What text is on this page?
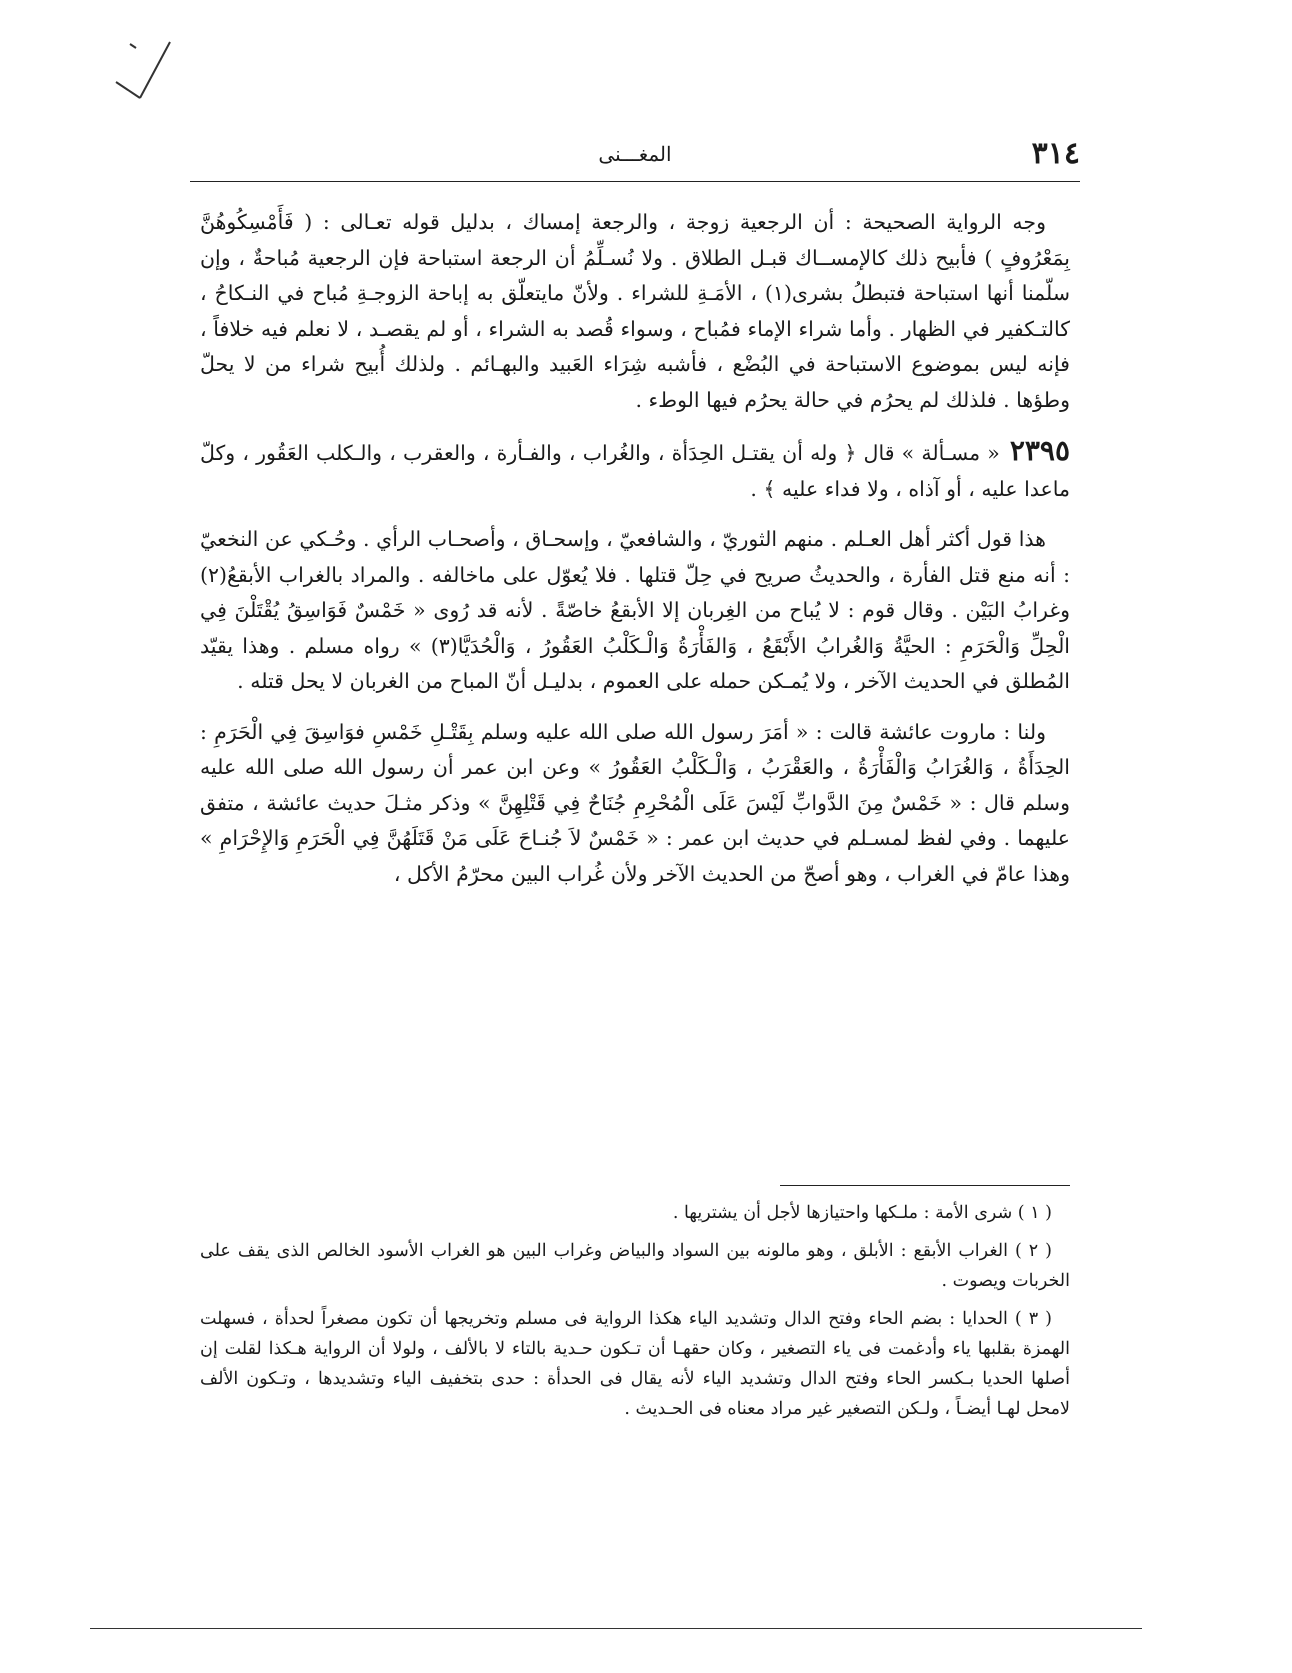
٣١٤
المغـــنى

وجه الرواية الصحيحة : أن الرجعية زوجة ، والرجعة إمساك ، بدليل قوله تعـالى : ( فَأَمْسِكُوهُنَّ بِمَعْرُوفٍ ) فأبيح ذلك كالإمســاك قبـل الطلاق . ولا نُسـلِّمُ أن الرجعة استباحة فإن الرجعية مُباحةٌ ، وإن سلّمنا أنها استباحة فتبطلُ بشرى(١) ، الأمَـةِ للشراء . ولأنّ مايتعلّق به إباحة الزوجـةِ مُباح في النـكاحُ ، كالتـكفير في الظهار . وأما شراء الإماء فمُباح ، وسواء قُصد به الشراء ، أو لم يقصـد ، لا نعلم فيه خلافاً ، فإنه ليس بموضوع الاستباحة في البُضْع ، فأشبه شِرَاء العَبيد والبهـائم . ولذلك أُبيح شراء من لا يحلّ وطؤها . فلذلك لم يحرُم في حالة يحرُم فيها الوطء .

٢٣٩٥« مسـألة » قال ﴿ وله أن يقتـل الحِدَأة ، والغُراب ، والفـأرة ، والعقرب ، والـكلب العَقُور ، وكلّ ماعدا عليه ، أو آذاه ، ولا فداء عليه ﴾ .

هذا قول أكثر أهل العـلم . منهم الثوريّ ، والشافعيّ ، وإسحـاق ، وأصحـاب الرأي . وحُـكي عن النخعيّ : أنه منع قتل الفأرة ، والحديثُ صريح في حِلّ قتلها . فلا يُعوّل على ماخالفه . والمراد بالغراب الأبقعُ(٢) وغرابُ البَيْن . وقال قوم : لا يُباح من الغِربان إلا الأبقعُ خاصّةً . لأنه قد رُوى « خَمْسٌ فَوَاسِقُ يُقْتَلْنَ فِي الْحِلِّ وَالْحَرَمِ : الحيَّةُ وَالغُرابُ الأَبْقَعُ ، وَالفَأْرَةُ وَالْـكَلْبُ العَقُورُ ، وَالْحُدَيَّا(٣) » رواه مسلم . وهذا يقيّد المُطلق في الحديث الآخر ، ولا يُمـكن حمله على العموم ، بدليـل أنّ المباح من الغربان لا يحل قتله .

ولنا : ماروت عائشة قالت : « أمَرَ رسول الله صلى الله عليه وسلم بِقَتْـلِ خَمْسِ فوَاسِقَ فِي الْحَرَمِ : الحِدَأَةُ ، وَالغُرَابُ وَالْفَأْرَةُ ، والعَقْرَبُ ، وَالْـكَلْبُ العَقُورُ » وعن ابن عمر أن رسول الله صلى الله عليه وسلم قال : « خَمْسٌ مِنَ الدَّوابِّ لَيْسَ عَلَى الْمُحْرِمِ جُنَاحٌ فِي قَتْلِهِنَّ » وذكر مثـلَ حديث عائشة ، متفق عليهما . وفي لفظ لمسـلم في حديث ابن عمر : « خَمْسٌ لاَ جُنـاحَ عَلَى مَنْ قَتَلَهُنَّ فِي الْحَرَمِ وَالإِحْرَامِ » وهذا عامّ في الغراب ، وهو أصحّ من الحديث الآخر ولأن غُراب البين محرّمُ الأكل ،

( ١ ) شرى الأمة : ملـكها واحتيازها لأجل أن يشتريها .

( ٢ ) الغراب الأبقع : الأبلق ، وهو مالونه بين السواد والبياض وغراب البين هو الغراب الأسود الخالص الذى يقف على الخربات ويصوت .

( ٣ ) الحدايا : بضم الحاء وفتح الدال وتشديد الياء هكذا الرواية فى مسلم وتخريجها أن تكون مصغراً لحدأة ، فسهلت الهمزة بقلبها ياء وأدغمت فى ياء التصغير ، وكان حقهـا أن تـكون حـدية بالتاء لا بالألف ، ولولا أن الرواية هـكذا لقلت إن أصلها الحديا بـكسر الحاء وفتح الدال وتشديد الياء لأنه يقال فى الحدأة : حدى بتخفيف الياء وتشديدها ، وتـكون الألف لامحل لهـا أيضـاً ، ولـكن التصغير غير مراد معناه فى الحـديث .
